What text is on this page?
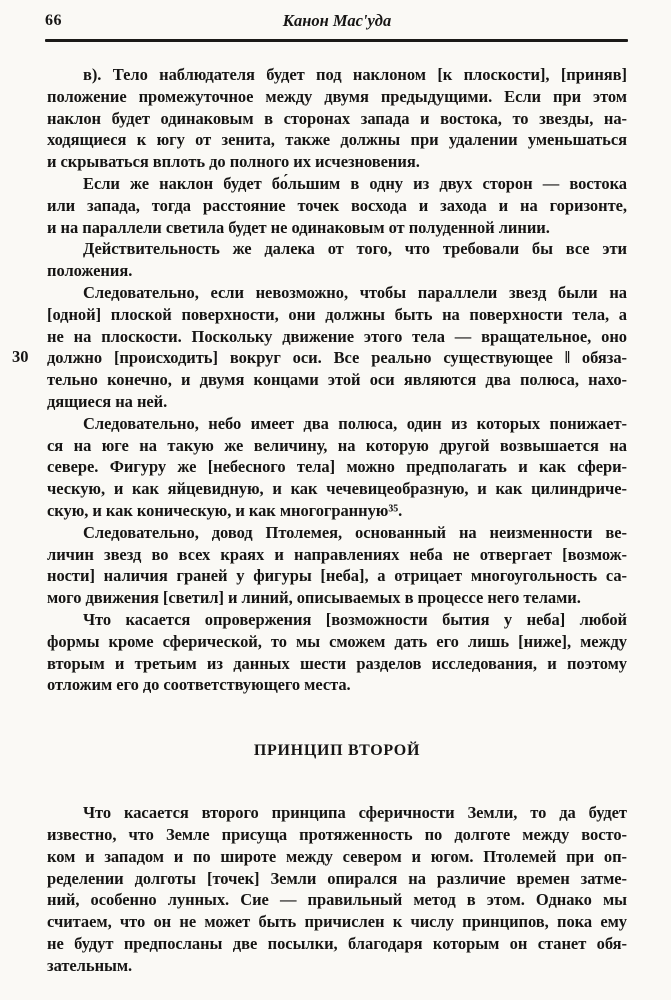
66	Канон Мас'уда
30
в). Тело наблюдателя будет под наклоном [к плоскости], [приняв]
положение промежуточное между двумя предыдущими. Если при этом
наклон будет одинаковым в сторонах запада и востока, то звезды, на-
ходящиеся к югу от зенита, также должны при удалении уменьшаться
и скрываться вплоть до полного их исчезновения.
Если же наклон будет бо́льшим в одну из двух сторон — востока
или запада, тогда расстояние точек восхода и захода и на горизонте,
и на параллели светила будет не одинаковым от полуденной линии.
Действительность же далека от того, что требовали бы все эти
положения.
Следовательно, если невозможно, чтобы параллели звезд были на
[одной] плоской поверхности, они должны быть на поверхности тела, а
не на плоскости. Поскольку движение этого тела — вращательное, оно
должно [происходить] вокруг оси. Все реально существующее ‖ обяза-
тельно конечно, и двумя концами этой оси являются два полюса, нахо-
дящиеся на ней.
Следовательно, небо имеет два полюса, один из которых понижает-
ся на юге на такую же величину, на которую другой возвышается на
севере. Фигуру же [небесного тела] можно предполагать и как сфери-
ческую, и как яйцевидную, и как чечевицеобразную, и как цилиндриче-
скую, и как коническую, и как многогранную³⁵.
Следовательно, довод Птолемея, основанный на неизменности ве-
личин звезд во всех краях и направлениях неба не отвергает [возмож-
ности] наличия граней у фигуры [неба], а отрицает многоугольность са-
мого движения [светил] и линий, описываемых в процессе него телами.
Что касается опровержения [возможности бытия у неба] любой
формы кроме сферической, то мы сможем дать его лишь [ниже], между
вторым и третьим из данных шести разделов исследования, и поэтому
отложим его до соответствующего места.
ПРИНЦИП ВТОРОЙ
Что касается второго принципа сферичности Земли, то да будет
известно, что Земле присуща протяженность по долготе между восто-
ком и западом и по широте между севером и югом. Птолемей при оп-
ределении долготы [точек] Земли опирался на различие времен затме-
ний, особенно лунных. Сие — правильный метод в этом. Однако мы
считаем, что он не может быть причислен к числу принципов, пока ему
не будут предпосланы две посылки, благодаря которым он станет обя-
зательным.
